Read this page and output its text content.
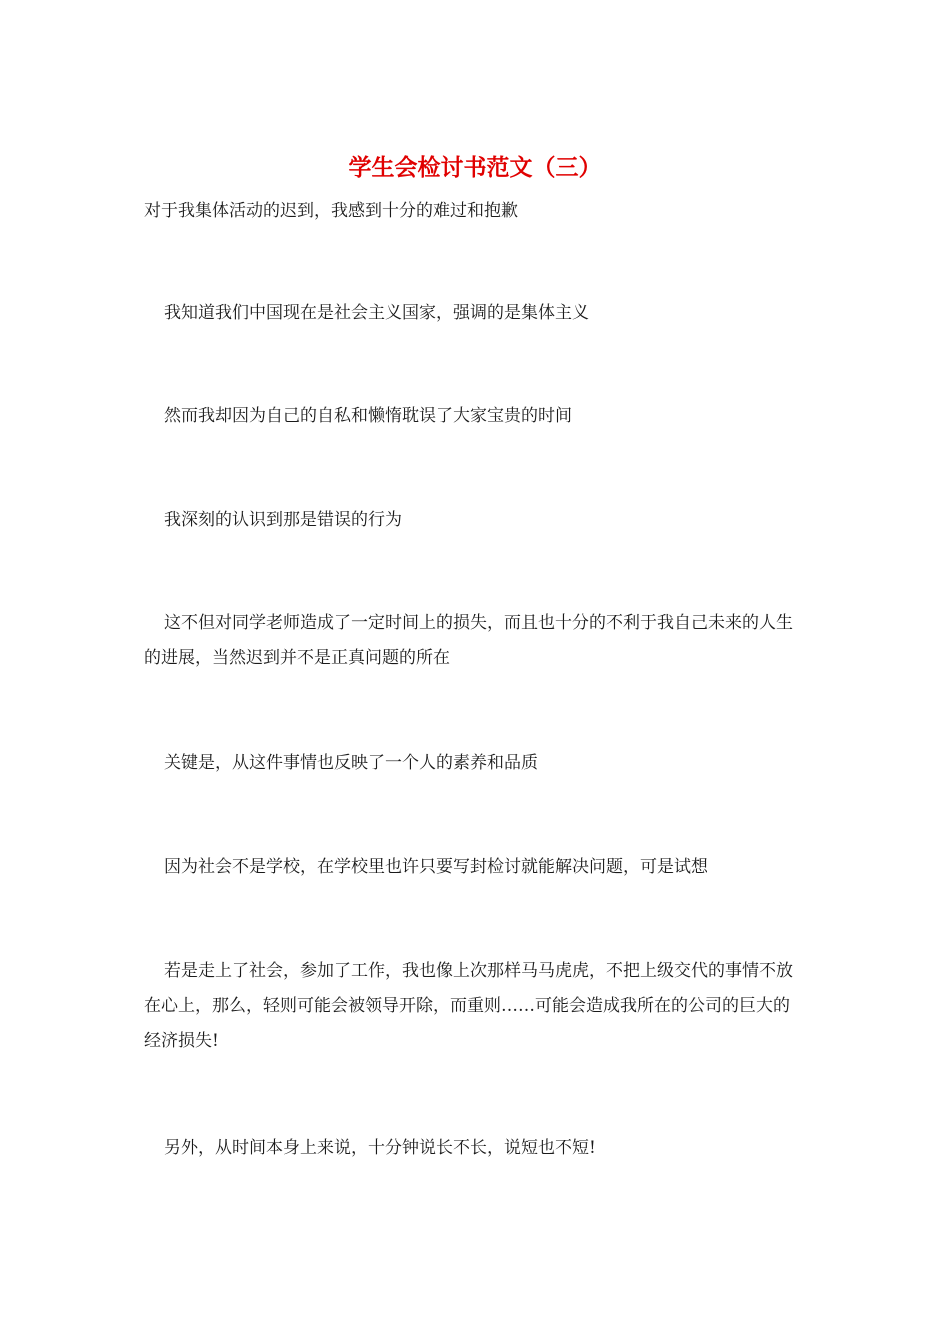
学生会检讨书范文（三）

对于我集体活动的迟到，我感到十分的难过和抱歉

我知道我们中国现在是社会主义国家，强调的是集体主义

然而我却因为自己的自私和懒惰耽误了大家宝贵的时间

我深刻的认识到那是错误的行为

这不但对同学老师造成了一定时间上的损失，而且也十分的不利于我自己未来的人生的进展，当然迟到并不是正真问题的所在

关键是，从这件事情也反映了一个人的素养和品质

因为社会不是学校，在学校里也许只要写封检讨就能解决问题，可是试想

若是走上了社会，参加了工作，我也像上次那样马马虎虎，不把上级交代的事情不放在心上，那么，轻则可能会被领导开除，而重则……可能会造成我所在的公司的巨大的经济损失!

另外，从时间本身上来说，十分钟说长不长，说短也不短!
